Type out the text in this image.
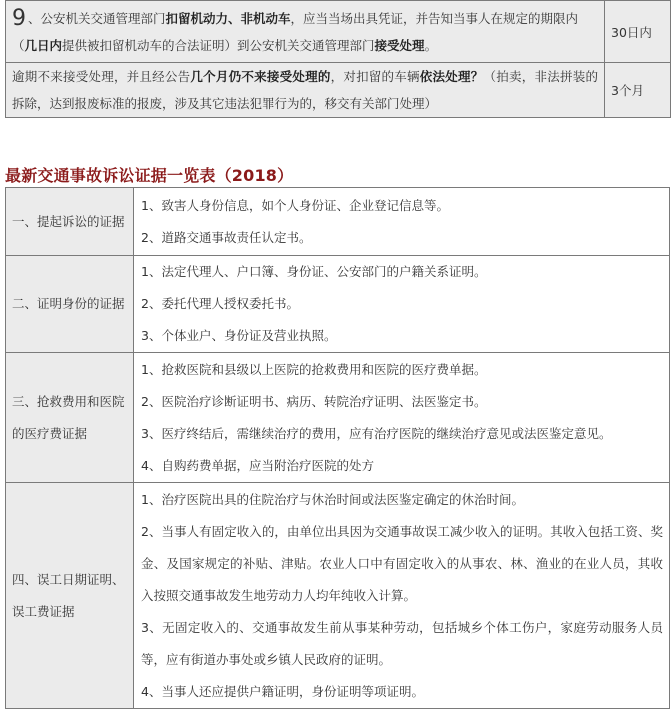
9 、公安机关交通管理部门扣留机动力、非机动车，应当当场出具凭证，并告知当事人在规定的期限内（几日内提供被扣留机动车的合法证明）到公安机关交通管理部门接受处理。	30日内

逾期不来接受处理，并且经公告几个月仍不来接受处理的，对扣留的车辆依法处理？（拍卖，非法拼装的拆除，达到报废标准的报废，涉及其它违法犯罪行为的，移交有关部门处理）	3个月
最新交通事故诉讼证据一览表（2018）
一、提起诉讼的证据	1、致害人身份信息，如个人身份证、企业登记信息等。
2、道路交通事故责任认定书。

二、证明身份的证据	1、法定代理人、户口簿、身份证、公安部门的户籍关系证明。
2、委托代理人授权委托书。
3、个体业户、身份证及营业执照。

三、抢救费用和医院的医疗费证据	1、抢救医院和县级以上医院的抢救费用和医院的医疗费单据。
2、医院治疗诊断证明书、病历、转院治疗证明、法医鉴定书。
3、医疗终结后，需继续治疗的费用，应有治疗医院的继续治疗意见或法医鉴定意见。
4、自购药费单据，应当附治疗医院的处方

四、误工日期证明、误工费证据	1、治疗医院出具的住院治疗与休治时间或法医鉴定确定的休治时间。
2、当事人有固定收入的，由单位出具因为交通事故误工减少收入的证明。其收入包括工资、奖金、及国家规定的补贴、津贴。农业人口中有固定收入的从事农、林、渔业的在业人员，其收入按照交通事故发生地劳动力人均年纯收入计算。
3、无固定收入的、交通事故发生前从事某种劳动，包括城乡个体工伤户，家庭劳动服务人员等，应有街道办事处或乡镇人民政府的证明。
4、当事人还应提供户籍证明，身份证明等项证明。
